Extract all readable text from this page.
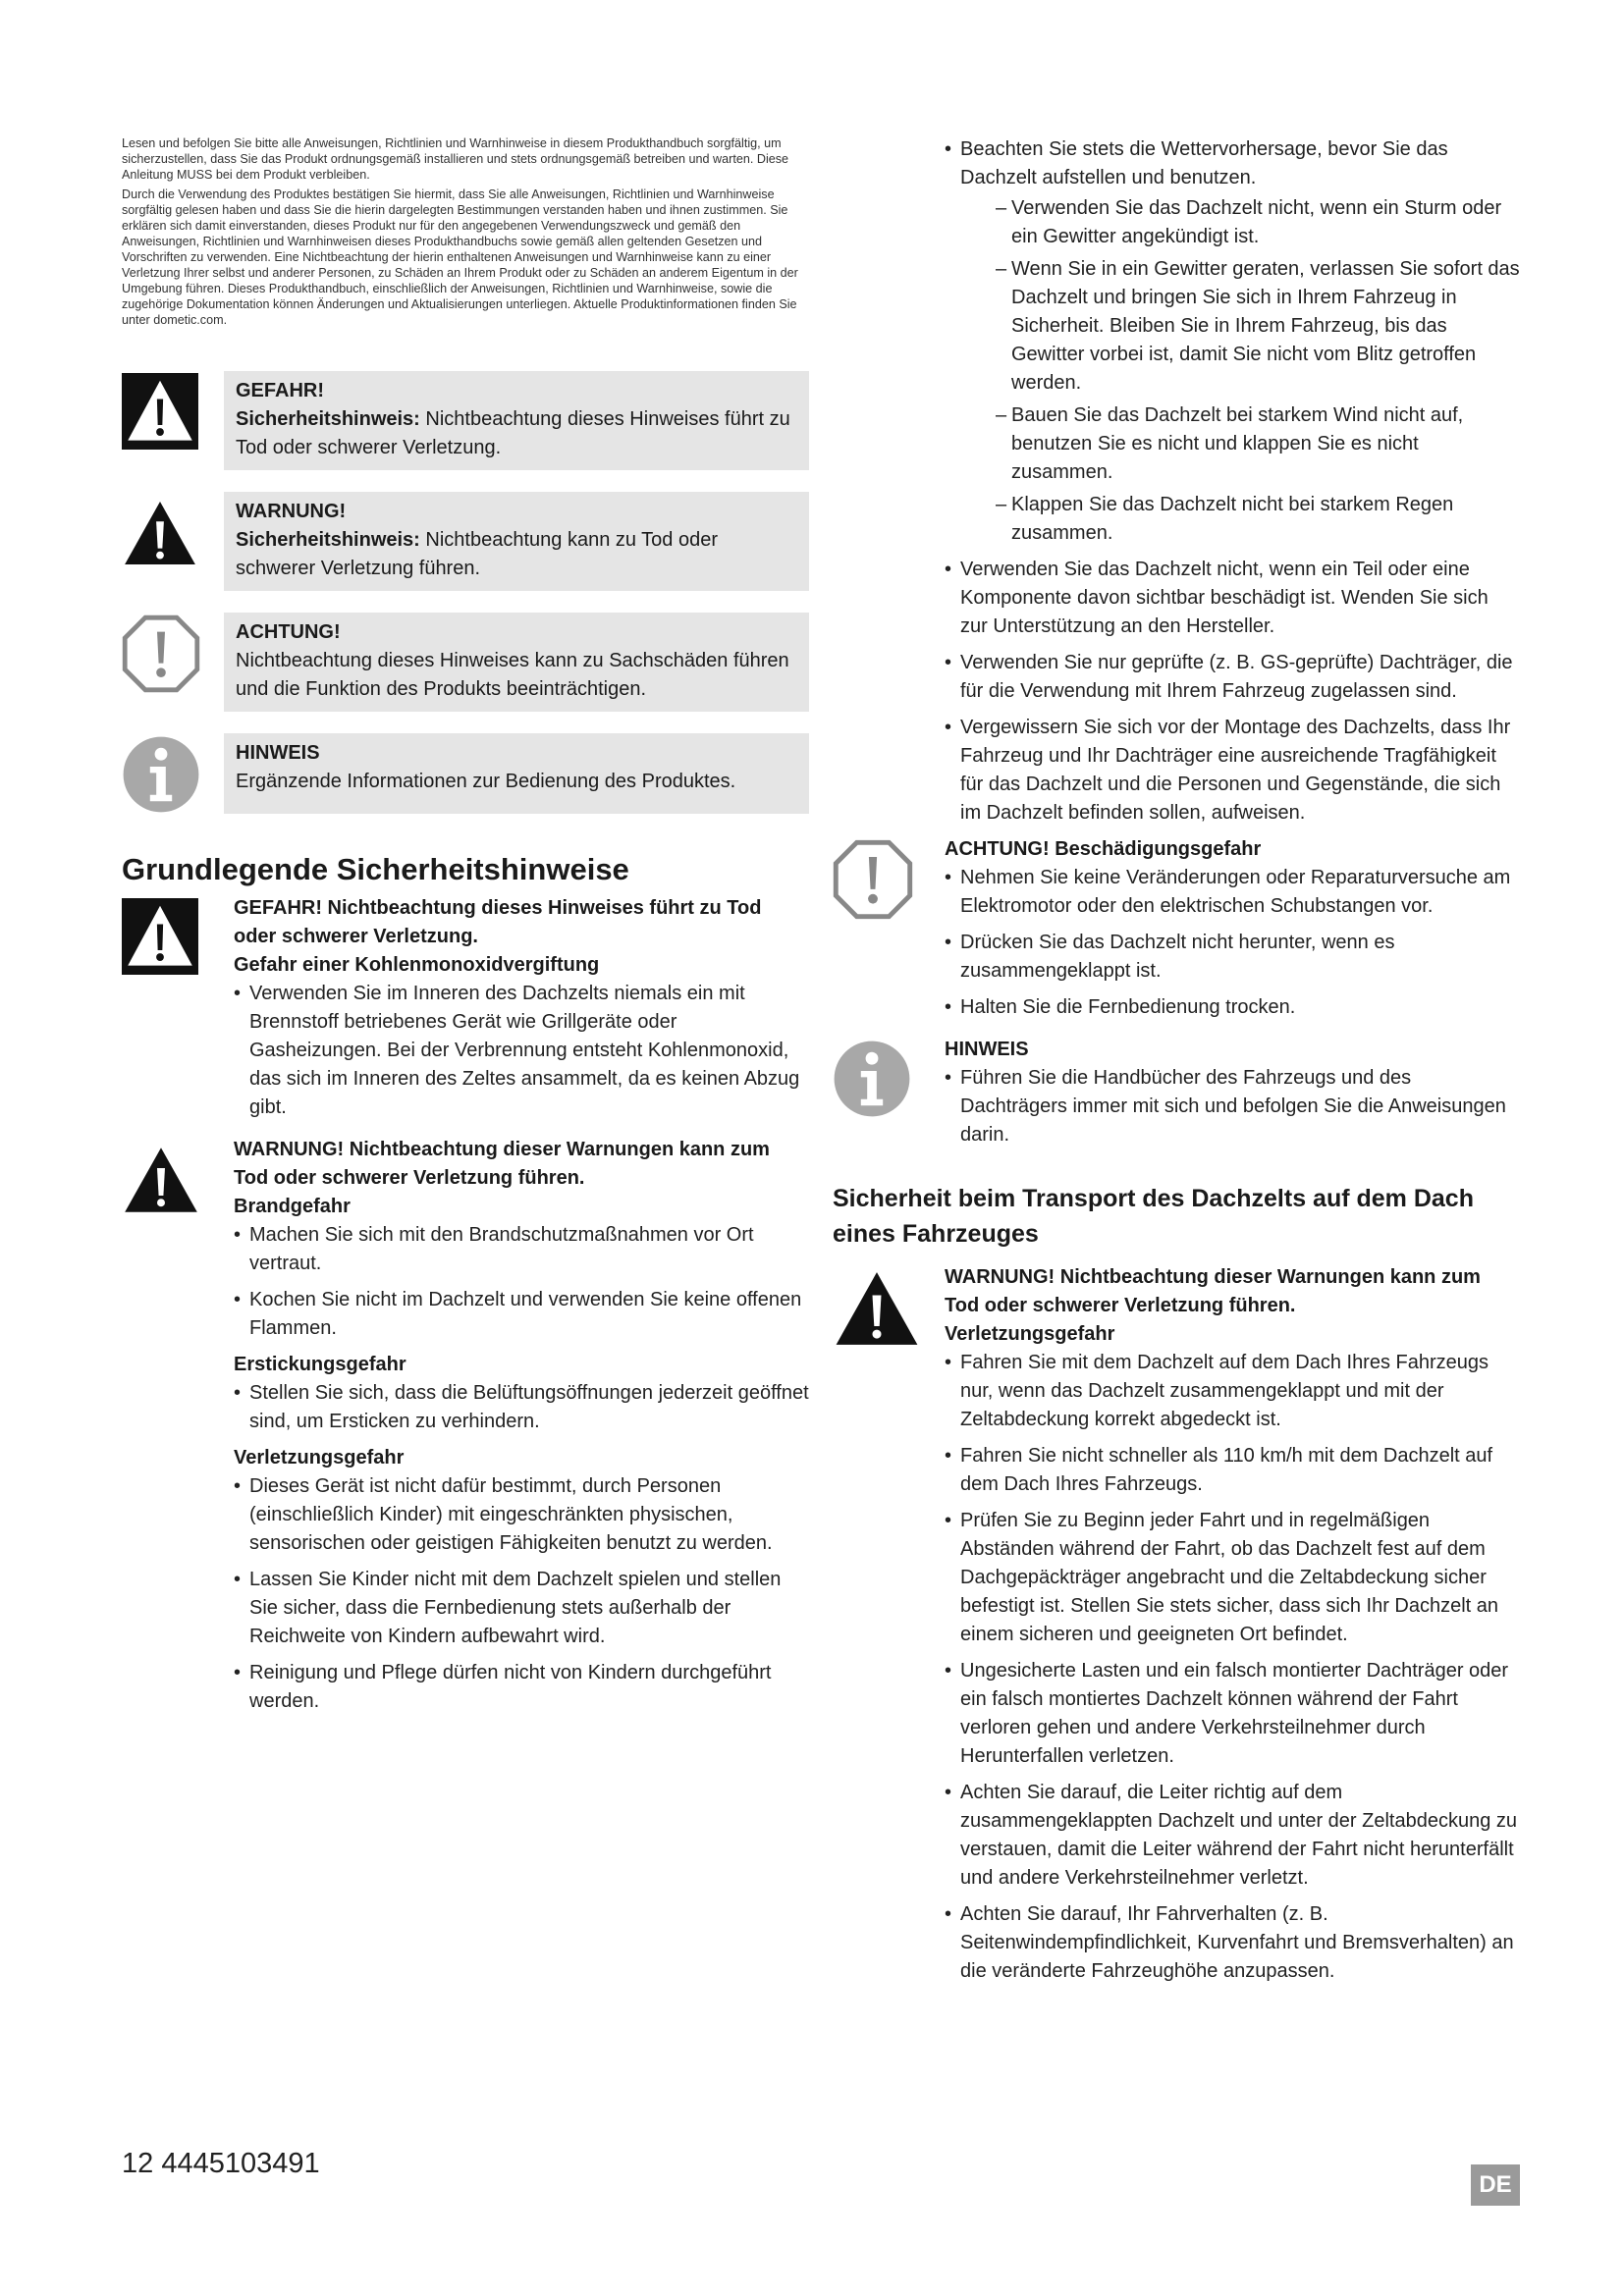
Lesen und befolgen Sie bitte alle Anweisungen, Richtlinien und Warnhinweise in diesem Produkthandbuch sorgfältig, um sicherzustellen, dass Sie das Produkt ordnungsgemäß installieren und stets ordnungsgemäß betreiben und warten. Diese Anleitung MUSS bei dem Produkt verbleiben.

Durch die Verwendung des Produktes bestätigen Sie hiermit, dass Sie alle Anweisungen, Richtlinien und Warnhinweise sorgfältig gelesen haben und dass Sie die hierin dargelegten Bestimmungen verstanden haben und ihnen zustimmen. Sie erklären sich damit einverstanden, dieses Produkt nur für den angegebenen Verwendungszweck und gemäß den Anweisungen, Richtlinien und Warnhinweisen dieses Produkthandbuchs sowie gemäß allen geltenden Gesetzen und Vorschriften zu verwenden. Eine Nichtbeachtung der hierin enthaltenen Anweisungen und Warnhinweise kann zu einer Verletzung Ihrer selbst und anderer Personen, zu Schäden an Ihrem Produkt oder zu Schäden an anderem Eigentum in der Umgebung führen. Dieses Produkthandbuch, einschließlich der Anweisungen, Richtlinien und Warnhinweise, sowie die zugehörige Dokumentation können Änderungen und Aktualisierungen unterliegen. Aktuelle Produktinformationen finden Sie unter dometic.com.

GEFAHR!
Sicherheitshinweis: Nichtbeachtung dieses Hinweises führt zu Tod oder schwerer Verletzung.
WARNUNG!
Sicherheitshinweis: Nichtbeachtung kann zu Tod oder schwerer Verletzung führen.
ACHTUNG!
Nichtbeachtung dieses Hinweises kann zu Sachschäden führen und die Funktion des Produkts beeinträchtigen.
HINWEIS
Ergänzende Informationen zur Bedienung des Produktes.
Grundlegende Sicherheitshinweise
GEFAHR! Nichtbeachtung dieses Hinweises führt zu Tod oder schwerer Verletzung.
Gefahr einer Kohlenmonoxidvergiftung
• Verwenden Sie im Inneren des Dachzelts niemals ein mit Brennstoff betriebenes Gerät wie Grillgeräte oder Gasheizungen. Bei der Verbrennung entsteht Kohlenmonoxid, das sich im Inneren des Zeltes ansammelt, da es keinen Abzug gibt.
WARNUNG! Nichtbeachtung dieser Warnungen kann zum Tod oder schwerer Verletzung führen.
Brandgefahr
• Machen Sie sich mit den Brandschutzmaßnahmen vor Ort vertraut.
• Kochen Sie nicht im Dachzelt und verwenden Sie keine offenen Flammen.
Erstickungsgefahr
• Stellen Sie sich, dass die Belüftungsöffnungen jederzeit geöffnet sind, um Ersticken zu verhindern.
Verletzungsgefahr
• Dieses Gerät ist nicht dafür bestimmt, durch Personen (einschließlich Kinder) mit eingeschränkten physischen, sensorischen oder geistigen Fähigkeiten benutzt zu werden.
• Lassen Sie Kinder nicht mit dem Dachzelt spielen und stellen Sie sicher, dass die Fernbedienung stets außerhalb der Reichweite von Kindern aufbewahrt wird.
• Reinigung und Pflege dürfen nicht von Kindern durchgeführt werden.
• Beachten Sie stets die Wettervorhersage, bevor Sie das Dachzelt aufstellen und benutzen.
– Verwenden Sie das Dachzelt nicht, wenn ein Sturm oder ein Gewitter angekündigt ist.
– Wenn Sie in ein Gewitter geraten, verlassen Sie sofort das Dachzelt und bringen Sie sich in Ihrem Fahrzeug in Sicherheit. Bleiben Sie in Ihrem Fahrzeug, bis das Gewitter vorbei ist, damit Sie nicht vom Blitz getroffen werden.
– Bauen Sie das Dachzelt bei starkem Wind nicht auf, benutzen Sie es nicht und klappen Sie es nicht zusammen.
– Klappen Sie das Dachzelt nicht bei starkem Regen zusammen.
• Verwenden Sie das Dachzelt nicht, wenn ein Teil oder eine Komponente davon sichtbar beschädigt ist. Wenden Sie sich zur Unterstützung an den Hersteller.
• Verwenden Sie nur geprüfte (z. B. GS-geprüfte) Dachträger, die für die Verwendung mit Ihrem Fahrzeug zugelassen sind.
• Vergewissern Sie sich vor der Montage des Dachzelts, dass Ihr Fahrzeug und Ihr Dachträger eine ausreichende Tragfähigkeit für das Dachzelt und die Personen und Gegenstände, die sich im Dachzelt befinden sollen, aufweisen.
ACHTUNG! Beschädigungsgefahr
• Nehmen Sie keine Veränderungen oder Reparaturversuche am Elektromotor oder den elektrischen Schubstangen vor.
• Drücken Sie das Dachzelt nicht herunter, wenn es zusammengeklappt ist.
• Halten Sie die Fernbedienung trocken.
HINWEIS
• Führen Sie die Handbücher des Fahrzeugs und des Dachträgers immer mit sich und befolgen Sie die Anweisungen darin.
Sicherheit beim Transport des Dachzelts auf dem Dach eines Fahrzeuges
WARNUNG! Nichtbeachtung dieser Warnungen kann zum Tod oder schwerer Verletzung führen.
Verletzungsgefahr
• Fahren Sie mit dem Dachzelt auf dem Dach Ihres Fahrzeugs nur, wenn das Dachzelt zusammengeklappt und mit der Zeltabdeckung korrekt abgedeckt ist.
• Fahren Sie nicht schneller als 110 km/h mit dem Dachzelt auf dem Dach Ihres Fahrzeugs.
• Prüfen Sie zu Beginn jeder Fahrt und in regelmäßigen Abständen während der Fahrt, ob das Dachzelt fest auf dem Dachgepäckträger angebracht und die Zeltabdeckung sicher befestigt ist. Stellen Sie stets sicher, dass sich Ihr Dachzelt an einem sicheren und geeigneten Ort befindet.
• Ungesicherte Lasten und ein falsch montierter Dachträger oder ein falsch montiertes Dachzelt können während der Fahrt verloren gehen und andere Verkehrsteilnehmer durch Herunterfallen verletzen.
• Achten Sie darauf, die Leiter richtig auf dem zusammengeklappten Dachzelt und unter der Zeltabdeckung zu verstauen, damit die Leiter während der Fahrt nicht herunterfällt und andere Verkehrsteilnehmer verletzt.
• Achten Sie darauf, Ihr Fahrverhalten (z. B. Seitenwindempfindlichkeit, Kurvenfahrt und Bremsverhalten) an die veränderte Fahrzeughöhe anzupassen.
12 4445103491
DE
